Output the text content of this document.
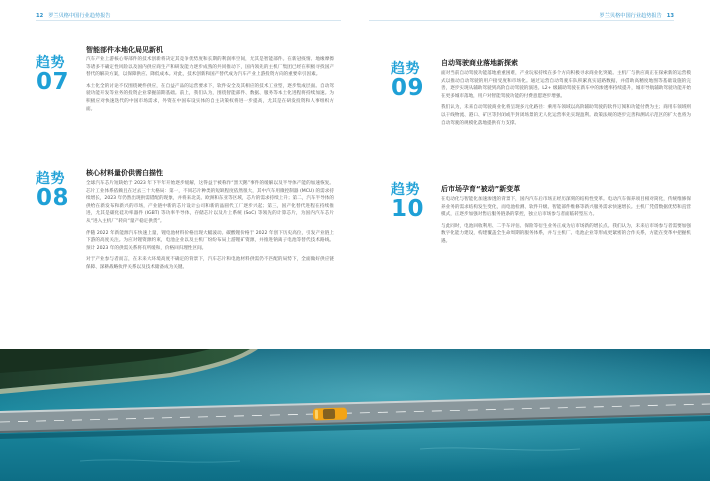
12 罗兰贝格中国行业趋势报告
趋势
07
智能部件本地化局见新机

汽车产业上游核心零部件的技术创新将决定其竞争优势度和长期的利润率空间，尤其是智能部件。在新冠疫情、地缘摩擦等诸多不确定性风险以及国内供应商生产和研发能力逐步成熟的共同推动下，国内领先的主机厂集团已经在积极寻找国产替代的解决方案，以保障供应、降低成本。对此，技术创新和国产替代成为汽车产业上游投资方向的重要牵引因素。

本土化全的讨论不仅围绕硬件供应，在自益产品的运营要求下，软件安全及其相应的技术工业型，逐步集成层面。自动驾驶功能开发等业务的投资企业掌握前期基础。前上，我们认为，围绕智能部件、数据、服务等本土化进程将持续加速。为积极应对快速迭代的中国市场需求，外资在中国布设实体的自主决策权将进一步提高，尤其是在研发投资和人事组织方面。

趋势
08
核心材料量价供需白描性

全球汽车芯片短缺始于 2023 年下半年开始逐步缓解，这得益于被称作“黑天鹅”事件的缓解以及半导体产能的加速恢复。芯片工业体系依赖且在过去三十大格局：第一，不同芯片种类的短缺程度依然很大，其中汽车用微控制器 (MCU) 的需求持续增长，2023 年仍然出现供需错配的现象，并将来北美、欧洲和东亚等区域，芯片的需求持续上升；第二，汽车半导体的供给在新发布和新兴的市场，产业链中新的芯片设计公司和新的晶圆代工厂逐步兴起；第三，国产化替代进程在持续推进，尤其是碳化硅功率器件 (IGBT) 等功率半导体，存储芯片以及片上系统 (SoC) 等领先的计算芯片，为国内汽车芯片从“进入主机厂”转向“量产稳定供货”。

伴随 2022 年新能源汽车快速上量，锂电池材料价格出现大幅波动。碳酸锂价格于 2022 年创下历史高位，引发产业链上下游的高度关注。为应对锂资源约束，电池企业以及主机厂纷纷布局上游锂矿资源，并推进钠离子电池等替代技术路线。预计 2023 年的供需关系将有所缓和，价格回归理性区间。

对于产业参与者而言，在未来大环境高度不确定的背景下，汽车芯片和电池材料供需仍不匹配的局势下，全面做好供应链保障、深耕战略伙伴关系以及技术储备成为关键。

罗兰贝格中国行业趋势报告 13
趋势
09
自动驾驶商业落地新探索

面对当前自动驾驶功能落地重重困难，产业玩家持续在多个方向积极寻求商业化突破。主机厂与供应商正在探索新的运营模式以推动自动驾驶的用户接受度和市场化。通过运营自动驾驶车队积累真实道路数据，并借助高精度地图等基础设施的完善，逐步实现从辅助驾驶到高阶自动驾驶的演进。L2+ 级辅助驾驶在新车中的渗透率持续提升，城市导航辅助驾驶功能开始在更多城市落地，用户对智能驾驶功能的付费意愿逐步增强。

我们认为，未来自动驾驶商业化将呈现多元化路径：乘用车领域以高阶辅助驾驶的软件订阅和功能付费为主；商用车领域则以干线物流、港口、矿区等封闭或半封闭场景的无人化运营率先实现盈利。政策法规的逐步完善和测试示范区的扩大也将为自动驾驶的规模化落地提供有力支撑。

趋势
10
后市场孕育“被动”新变革

在电动化与智能化加速渗透的背景下，国内汽车后市场正经历深刻的结构性变革。电动汽车保养项目相对简化，传统维修保养业务的需求结构发生变化，而电池检测、软件升级、智能部件维修等新兴服务需求快速增长。主机厂凭借数据优势和直营模式，正逐步加强对售后服务链条的掌控，独立后市场参与者面临转型压力。

与此同时，电池回收利用、二手车评估、保险等衍生业务正成为后市场新的增长点。我们认为，未来后市场参与者需要加强数字化能力建设，构建覆盖全生命周期的服务体系，并与主机厂、电池企业等形成更紧密的合作关系，方能在变革中把握机遇。
